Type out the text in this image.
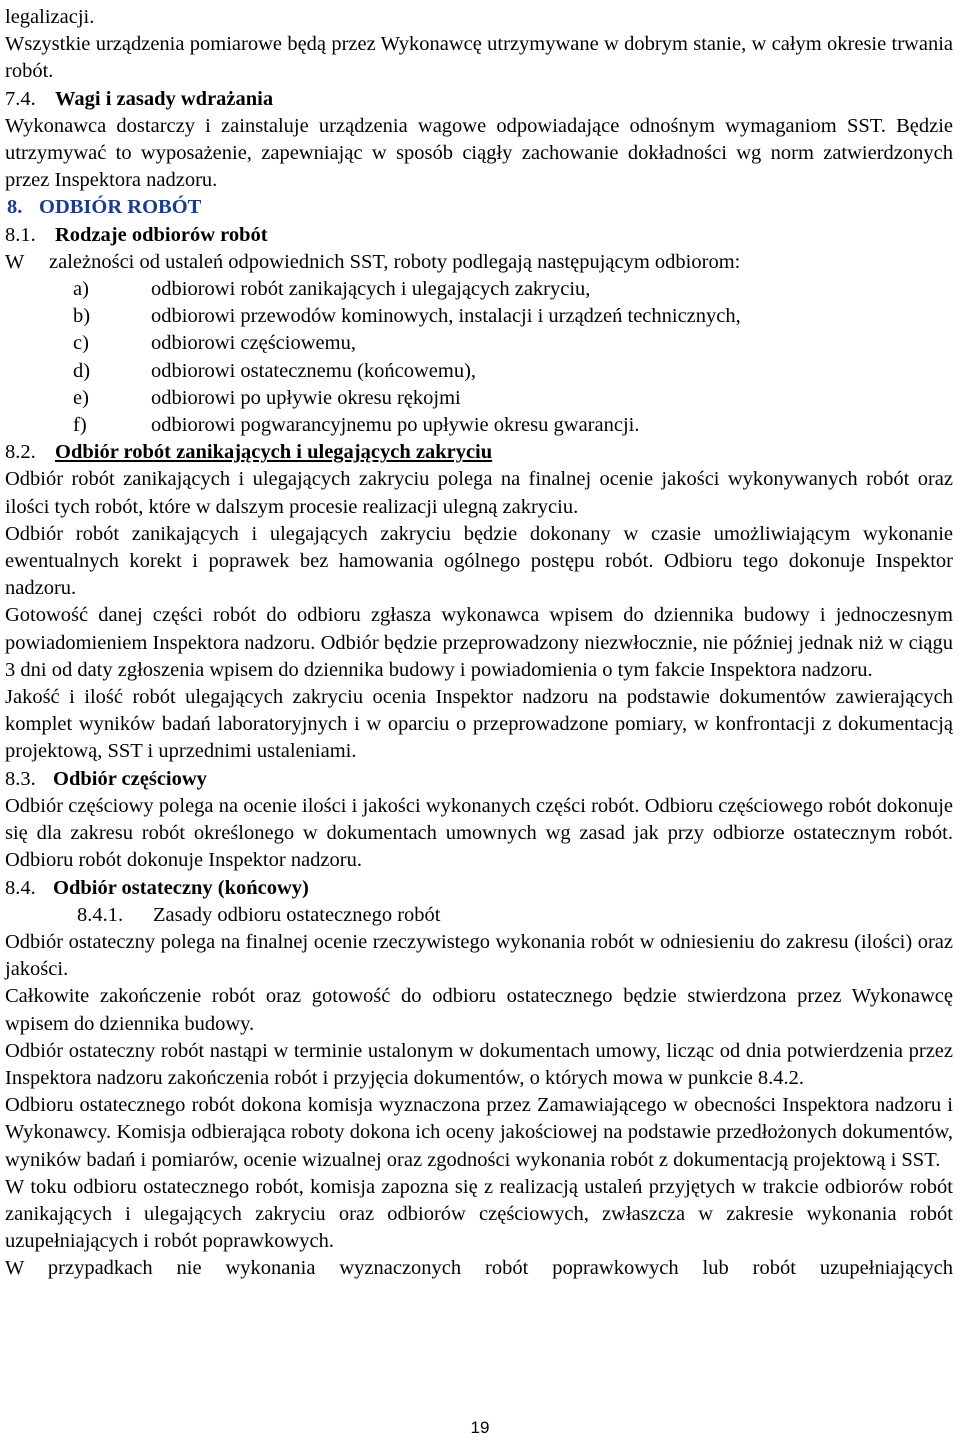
legalizacji.

Wszystkie urządzenia pomiarowe będą przez Wykonawcę utrzymywane w dobrym stanie, w całym okresie trwania robót.

7.4. Wagi i zasady wdrażania

Wykonawca dostarczy i zainstaluje urządzenia wagowe odpowiadające odnośnym wymaganiom SST. Będzie utrzymywać to wyposażenie, zapewniając w sposób ciągły zachowanie dokładności wg norm zatwierdzonych przez Inspektora nadzoru.

8. ODBIÓR ROBÓT
8.1. Rodzaje odbiorów robót
W	zależności od ustaleń odpowiednich SST, roboty podlegają następującym odbiorom:
a)	odbiorowi robót zanikających i ulegających zakryciu,
b)	odbiorowi przewodów kominowych, instalacji i urządzeń technicznych,
c)	odbiorowi częściowemu,
d)	odbiorowi ostatecznemu (końcowemu),
e)	odbiorowi po upływie okresu rękojmi
f)	odbiorowi pogwarancyjnemu po upływie okresu gwarancji.
8.2. Odbiór robót zanikających i ulegających zakryciu

Odbiór robót zanikających i ulegających zakryciu polega na finalnej ocenie jakości wykonywanych robót oraz ilości tych robót, które w dalszym procesie realizacji ulegną zakryciu.

Odbiór robót zanikających i ulegających zakryciu będzie dokonany w czasie umożliwiającym wykonanie ewentualnych korekt i poprawek bez hamowania ogólnego postępu robót. Odbioru tego dokonuje Inspektor nadzoru.

Gotowość danej części robót do odbioru zgłasza wykonawca wpisem do dziennika budowy i jednoczesnym powiadomieniem Inspektora nadzoru. Odbiór będzie przeprowadzony niezwłocznie, nie później jednak niż w ciągu 3 dni od daty zgłoszenia wpisem do dziennika budowy i powiadomienia o tym fakcie Inspektora nadzoru.

Jakość i ilość robót ulegających zakryciu ocenia Inspektor nadzoru na podstawie dokumentów zawierających komplet wyników badań laboratoryjnych i w oparciu o przeprowadzone pomiary, w konfrontacji z dokumentacją projektową, SST i uprzednimi ustaleniami.

8.3. Odbiór częściowy

Odbiór częściowy polega na ocenie ilości i jakości wykonanych części robót. Odbioru częściowego robót dokonuje się dla zakresu robót określonego w dokumentach umownych wg zasad jak przy odbiorze ostatecznym robót. Odbioru robót dokonuje Inspektor nadzoru.

8.4. Odbiór ostateczny (końcowy)
8.4.1.	Zasady odbioru ostatecznego robót

Odbiór ostateczny polega na finalnej ocenie rzeczywistego wykonania robót w odniesieniu do zakresu (ilości) oraz jakości.

Całkowite zakończenie robót oraz gotowość do odbioru ostatecznego będzie stwierdzona przez Wykonawcę wpisem do dziennika budowy.

Odbiór ostateczny robót nastąpi w terminie ustalonym w dokumentach umowy, licząc od dnia potwierdzenia przez Inspektora nadzoru zakończenia robót i przyjęcia dokumentów, o których mowa w punkcie 8.4.2.

Odbioru ostatecznego robót dokona komisja wyznaczona przez Zamawiającego w obecności Inspektora nadzoru i Wykonawcy. Komisja odbierająca roboty dokona ich oceny jakościowej na podstawie przedłożonych dokumentów, wyników badań i pomiarów, ocenie wizualnej oraz zgodności wykonania robót z dokumentacją projektową i SST.

W toku odbioru ostatecznego robót, komisja zapozna się z realizacją ustaleń przyjętych w trakcie odbiorów robót zanikających i ulegających zakryciu oraz odbiorów częściowych, zwłaszcza w zakresie wykonania robót uzupełniających i robót poprawkowych.

W przypadkach nie wykonania wyznaczonych robót poprawkowych lub robót uzupełniających

19
